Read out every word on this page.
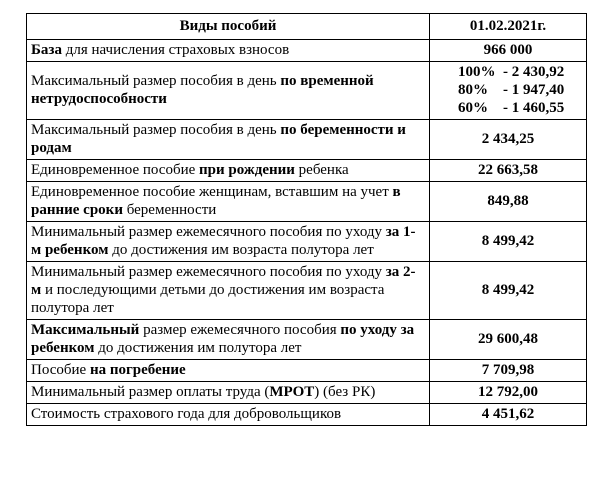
Виды пособий	01.02.2021г.
База для начисления страховых взносов	966 000
Максимальный размер пособия в день по временной нетрудоспособности	100%  - 2 430,92
80%    - 1 947,40
60%    - 1 460,55
Максимальный размер пособия в день по беременности и родам	2 434,25
Единовременное пособие при рождении ребенка	22 663,58
Единовременное пособие женщинам, вставшим на учет в ранние сроки беременности	849,88
Минимальный размер ежемесячного пособия по уходу за 1-м ребенком до достижения им возраста полутора лет	8 499,42
Минимальный размер ежемесячного пособия по уходу за 2-м и последующими детьми до достижения им возраста полутора лет	8 499,42
Максимальный размер ежемесячного пособия по уходу за ребенком до достижения им полутора лет	29 600,48
Пособие на погребение	7 709,98
Минимальный размер оплаты труда (МРОТ) (без РК)	12 792,00
Стоимость страхового года для добровольщиков	4 451,62
